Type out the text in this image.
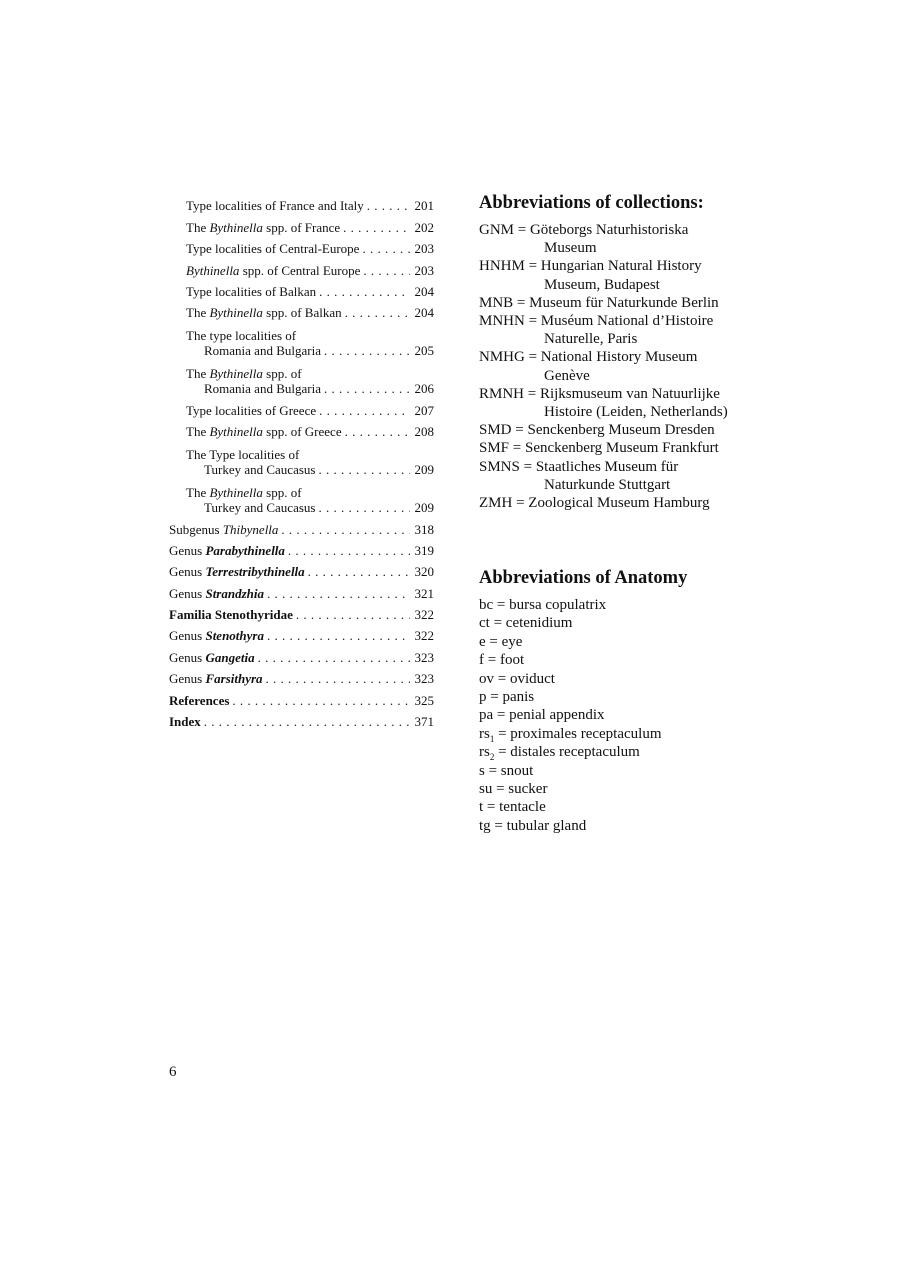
Type localities of France and Italy . . .	201
The Bythinella spp. of France . . .	202
Type localities of Central-Europe . . .	203
Bythinella spp. of Central Europe . . .	203
Type localities of Balkan . . .	204
The Bythinella spp. of Balkan . . .	204
The type localities of
Romania and Bulgaria . . .	205
The Bythinella spp. of
Romania and Bulgaria . . .	206
Type localities of Greece . . .	207
The Bythinella spp. of Greece . . .	208
The Type localities of
Turkey and Caucasus . . .	209
The Bythinella spp. of
Turkey and Caucasus . . .	209
Subgenus Thibynella . . .	318
Genus Parabythinella . . .	319
Genus Terrestribythinella . . .	320
Genus Strandzhia . . .	321
Familia Stenothyridae . . .	322
Genus Stenothyra . . .	322
Genus Gangetia . . .	323
Genus Farsithyra . . .	323
References . . .	325
Index . . .	371
Abbreviations of collections:
GNM = Göteborgs Naturhistoriska
Museum
HNHM = Hungarian Natural History
Museum, Budapest
MNB = Museum für Naturkunde Berlin
MNHN = Muséum National d’Histoire
Naturelle, Paris
NMHG = National History Museum
Genève
RMNH = Rijksmuseum van Natuurlijke
Histoire (Leiden, Netherlands)
SMD = Senckenberg Museum Dresden
SMF = Senckenberg Museum Frankfurt
SMNS = Staatliches Museum für
Naturkunde Stuttgart
ZMH = Zoological Museum Hamburg
Abbreviations of Anatomy
bc = bursa copulatrix
ct = cetenidium
e = eye
f = foot
ov = oviduct
p = panis
pa = penial appendix
$rs_1$ = proximales receptaculum
$rs_2$ = distales receptaculum
s = snout
su = sucker
t = tentacle
tg = tubular gland
6
